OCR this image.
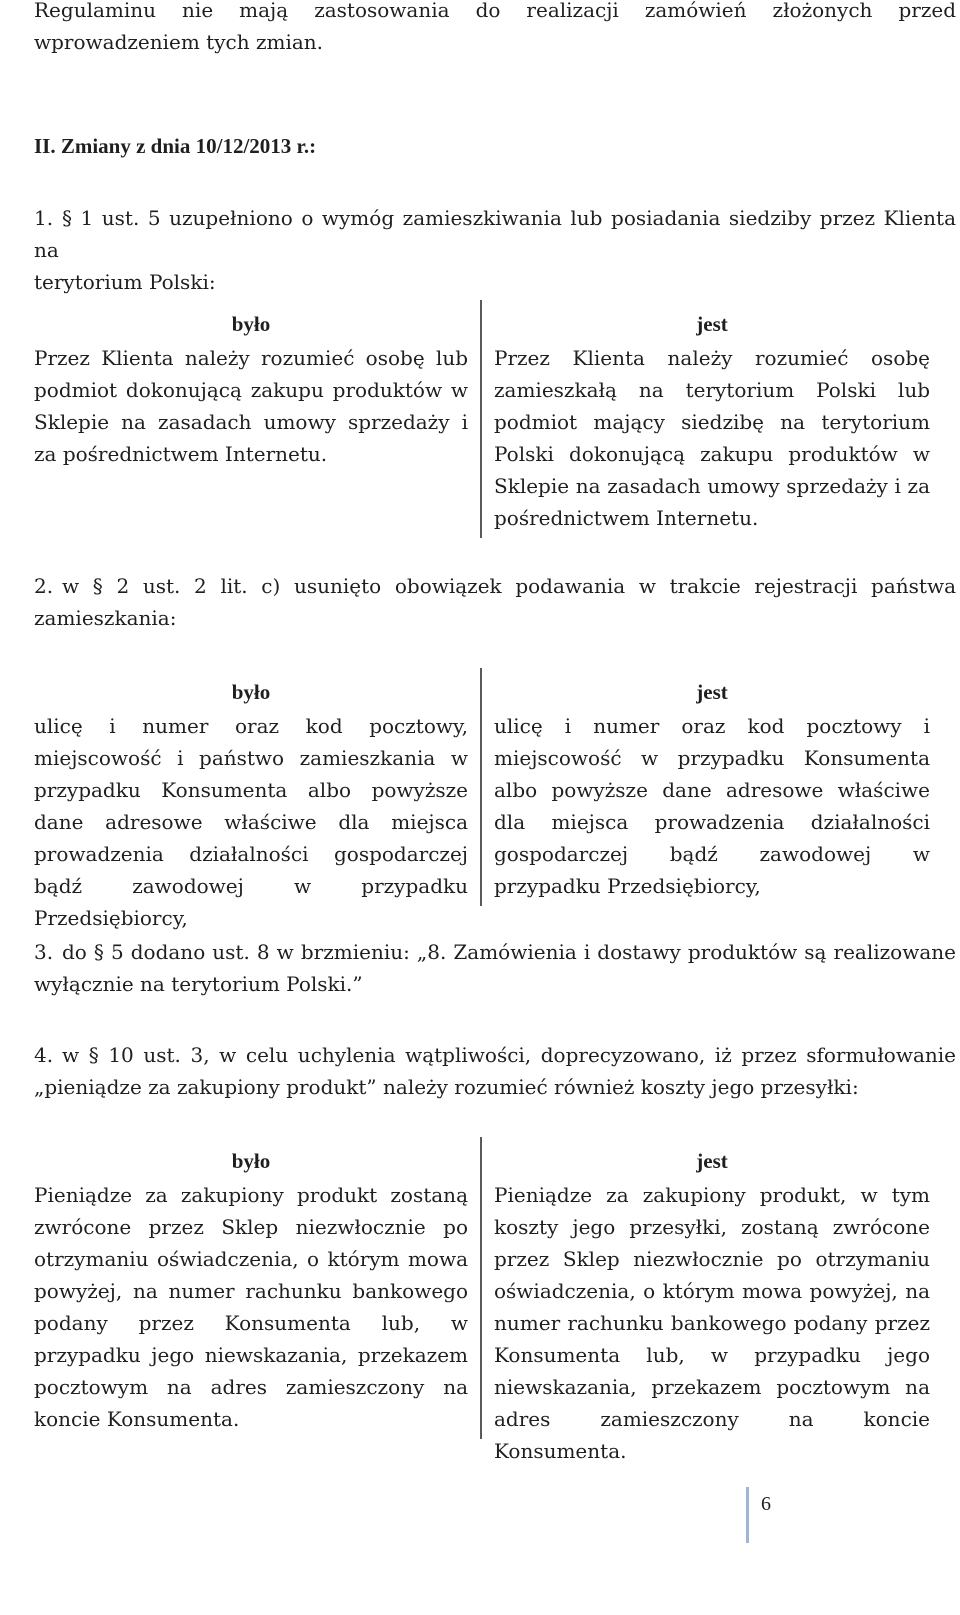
Regulaminu nie mają zastosowania do realizacji zamówień złożonych przed
wprowadzeniem tych zmian.
II. Zmiany z dnia 10/12/2013 r.:
1. § 1 ust. 5 uzupełniono o wymóg zamieszkiwania lub posiadania siedziby przez Klienta na
terytorium Polski:
było
Przez Klienta należy rozumieć osobę lub podmiot dokonującą zakupu produktów w Sklepie na zasadach umowy sprzedaży i za pośrednictwem Internetu.
jest
Przez Klienta należy rozumieć osobę zamieszkałą na terytorium Polski lub podmiot mający siedzibę na terytorium Polski dokonującą zakupu produktów w Sklepie na zasadach umowy sprzedaży i za pośrednictwem Internetu.
2. w § 2 ust. 2 lit. c) usunięto obowiązek podawania w trakcie rejestracji państwa
zamieszkania:
było
ulicę i numer oraz kod pocztowy, miejscowość i państwo zamieszkania w przypadku Konsumenta albo powyższe dane adresowe właściwe dla miejsca prowadzenia działalności gospodarczej bądź zawodowej w przypadku Przedsiębiorcy,
jest
ulicę i numer oraz kod pocztowy i miejscowość w przypadku Konsumenta albo powyższe dane adresowe właściwe dla miejsca prowadzenia działalności gospodarczej bądź zawodowej w przypadku Przedsiębiorcy,
3. do § 5 dodano ust. 8 w brzmieniu: „8. Zamówienia i dostawy produktów są realizowane
wyłącznie na terytorium Polski.”
4. w § 10 ust. 3, w celu uchylenia wątpliwości, doprecyzowano, iż przez sformułowanie
„pieniądze za zakupiony produkt” należy rozumieć również koszty jego przesyłki:
było
Pieniądze za zakupiony produkt zostaną zwrócone przez Sklep niezwłocznie po otrzymaniu oświadczenia, o którym mowa powyżej, na numer rachunku bankowego podany przez Konsumenta lub, w przypadku jego niewskazania, przekazem pocztowym na adres zamieszczony na koncie Konsumenta.
jest
Pieniądze za zakupiony produkt, w tym koszty jego przesyłki, zostaną zwrócone przez Sklep niezwłocznie po otrzymaniu oświadczenia, o którym mowa powyżej, na numer rachunku bankowego podany przez Konsumenta lub, w przypadku jego niewskazania, przekazem pocztowym na adres zamieszczony na koncie Konsumenta.
6
